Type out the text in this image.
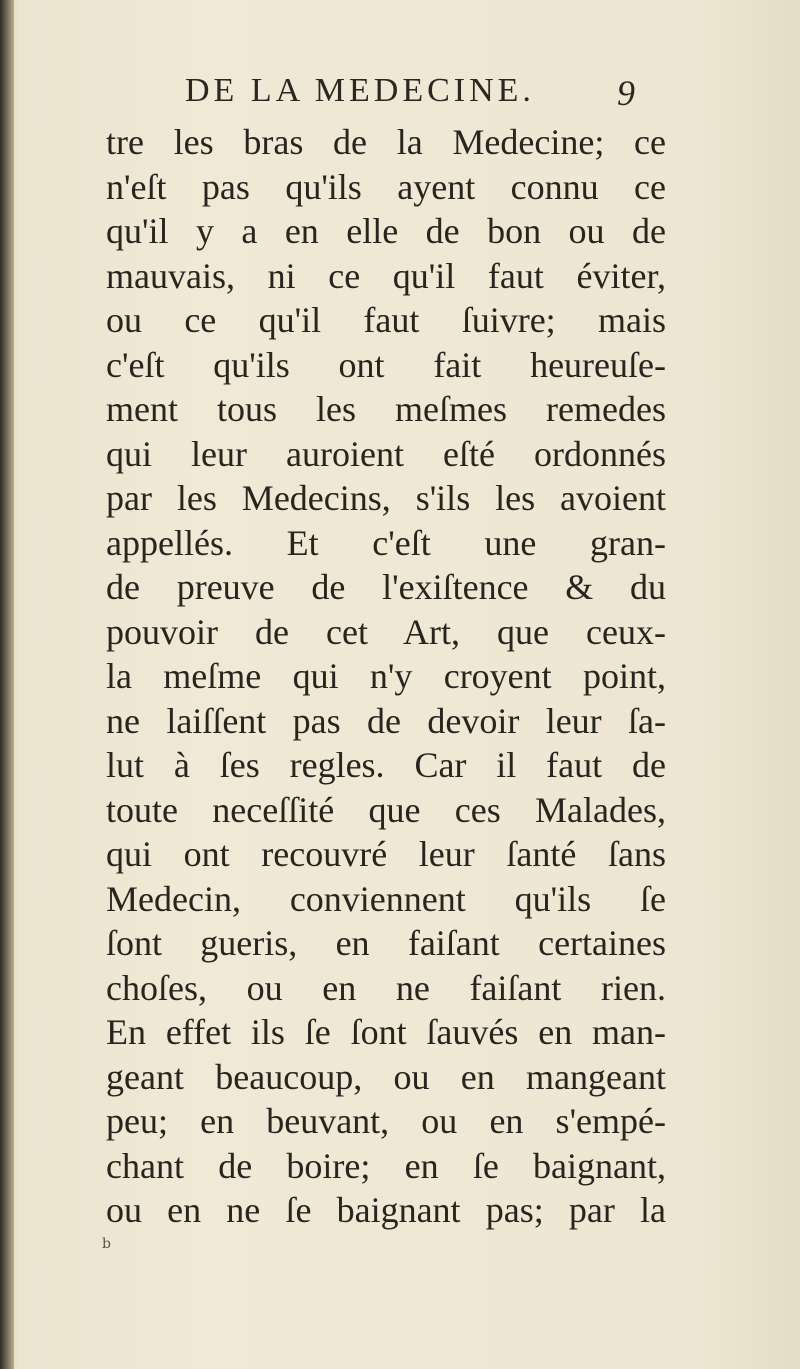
DE LA MEDECINE. 9
tre les bras de la Medecine; ce
n'eſt pas qu'ils ayent connu ce
qu'il y a en elle de bon ou de
mauvais, ni ce qu'il faut éviter,
ou ce qu'il faut ſuivre; mais
c'eſt qu'ils ont fait heureuſe-
ment tous les meſmes remedes
qui leur auroient eſté ordonnés
par les Medecins, s'ils les avoient
appellés. Et c'eſt une gran-
de preuve de l'exiſtence & du
pouvoir de cet Art, que ceux-
la meſme qui n'y croyent point,
ne laiſſent pas de devoir leur ſa-
lut à ſes regles. Car il faut de
toute neceſſité que ces Malades,
qui ont recouvré leur ſanté ſans
Medecin, conviennent qu'ils ſe
ſont gueris, en faiſant certaines
choſes, ou en ne faiſant rien.
En effet ils ſe ſont ſauvés en man-
geant beaucoup, ou en mangeant
peu; en beuvant, ou en s'empé-
chant de boire; en ſe baignant,
ou en ne ſe baignant pas; par la
b
